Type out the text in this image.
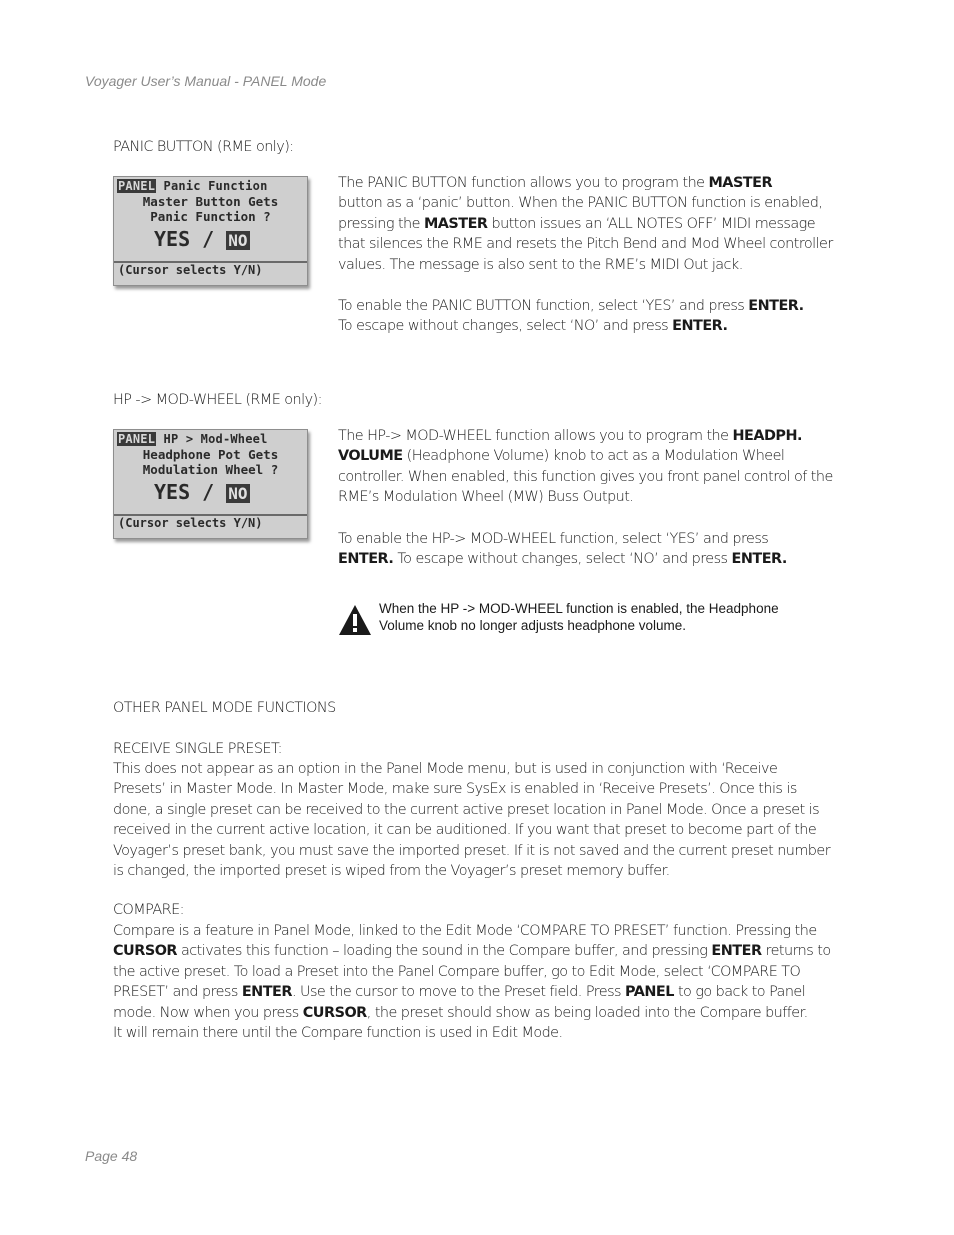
Voyager User’s Manual - PANEL Mode
PANIC BUTTON (RME only):
PANEL Panic Function
Master Button Gets
Panic Function ?
YES / NO
(Cursor selects Y/N)
The PANIC BUTTON function allows you to program the MASTER
button as a ‘panic’ button. When the PANIC BUTTON function is enabled,
pressing the MASTER button issues an ‘ALL NOTES OFF’ MIDI message
that silences the RME and resets the Pitch Bend and Mod Wheel controller
values. The message is also sent to the RME’s MIDI Out jack.
To enable the PANIC BUTTON function, select ‘YES’ and press ENTER.
To escape without changes, select ‘NO’ and press ENTER.
HP -> MOD-WHEEL (RME only):
PANEL HP > Mod-Wheel
Headphone Pot Gets
Modulation Wheel ?
YES / NO
(Cursor selects Y/N)
The HP-> MOD-WHEEL function allows you to program the HEADPH.
VOLUME (Headphone Volume) knob to act as a Modulation Wheel
controller. When enabled, this function gives you front panel control of the
RME’s Modulation Wheel (MW) Buss Output.
To enable the HP-> MOD-WHEEL function, select ‘YES’ and press
ENTER. To escape without changes, select ‘NO’ and press ENTER.
When the HP -> MOD-WHEEL function is enabled, the Headphone
Volume knob no longer adjusts headphone volume.
OTHER PANEL MODE FUNCTIONS
RECEIVE SINGLE PRESET:
This does not appear as an option in the Panel Mode menu, but is used in conjunction with ‘Receive
Presets’ in Master Mode. In Master Mode, make sure SysEx is enabled in ‘Receive Presets’. Once this is
done, a single preset can be received to the current active preset location in Panel Mode. Once a preset is
received in the current active location, it can be auditioned. If you want that preset to become part of the
Voyager’s preset bank, you must save the imported preset. If it is not saved and the current preset number
is changed, the imported preset is wiped from the Voyager’s preset memory buffer.
COMPARE:
Compare is a feature in Panel Mode, linked to the Edit Mode ‘COMPARE TO PRESET’ function. Pressing the
CURSOR activates this function – loading the sound in the Compare buffer, and pressing ENTER returns to
the active preset. To load a Preset into the Panel Compare buffer, go to Edit Mode, select ‘COMPARE TO
PRESET’ and press ENTER. Use the cursor to move to the Preset field. Press PANEL to go back to Panel
mode. Now when you press CURSOR, the preset should show as being loaded into the Compare buffer.
It will remain there until the Compare function is used in Edit Mode.
Page 48
